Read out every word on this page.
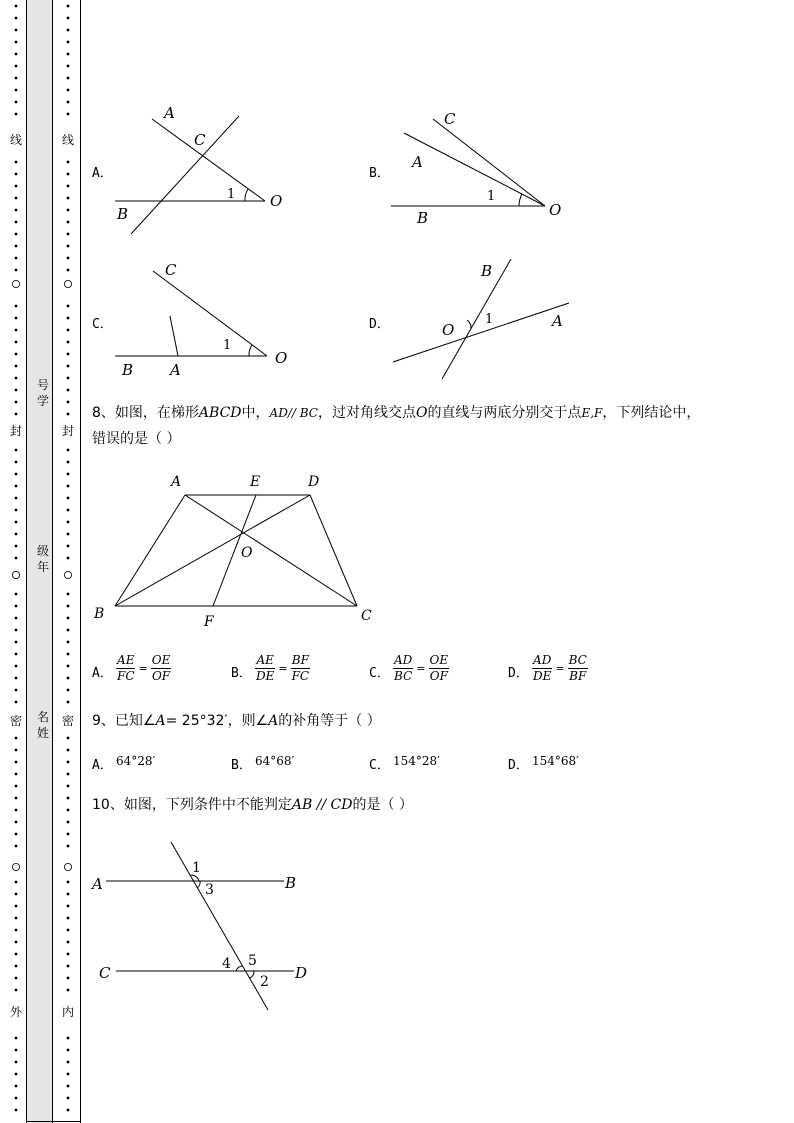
线
封
密
外
线
封
密
内
号
学
级
年
名
姓
A．
A
C
B
O
1
B．
C
A
B	O
1
C．
C
B A
O
1
D．
B
O	A
1
8、如图，在梯形ABCD中，AD// BC，过对角线交点O的直线与两底分别交于点E,F，下列结论中，
错误的是（ ）
A	E	D
O
B	F	C
A． $\frac{AE}{FC} = \frac{OE}{OF}$	B． $\frac{AE}{DE} = \frac{BF}{FC}$	C． $\frac{AD}{BC} = \frac{OE}{OF}$	D． $\frac{AD}{DE} = \frac{BC}{BF}$
9、已知∠A= 25°32′，则∠A的补角等于（ ）
A． 64°28′	B． 64°68′	C． 154°28′	D． 154°68′
10、如图，下列条件中不能判定AB // CD的是（ ）
A	B
C	D
1
3
4 5
2
